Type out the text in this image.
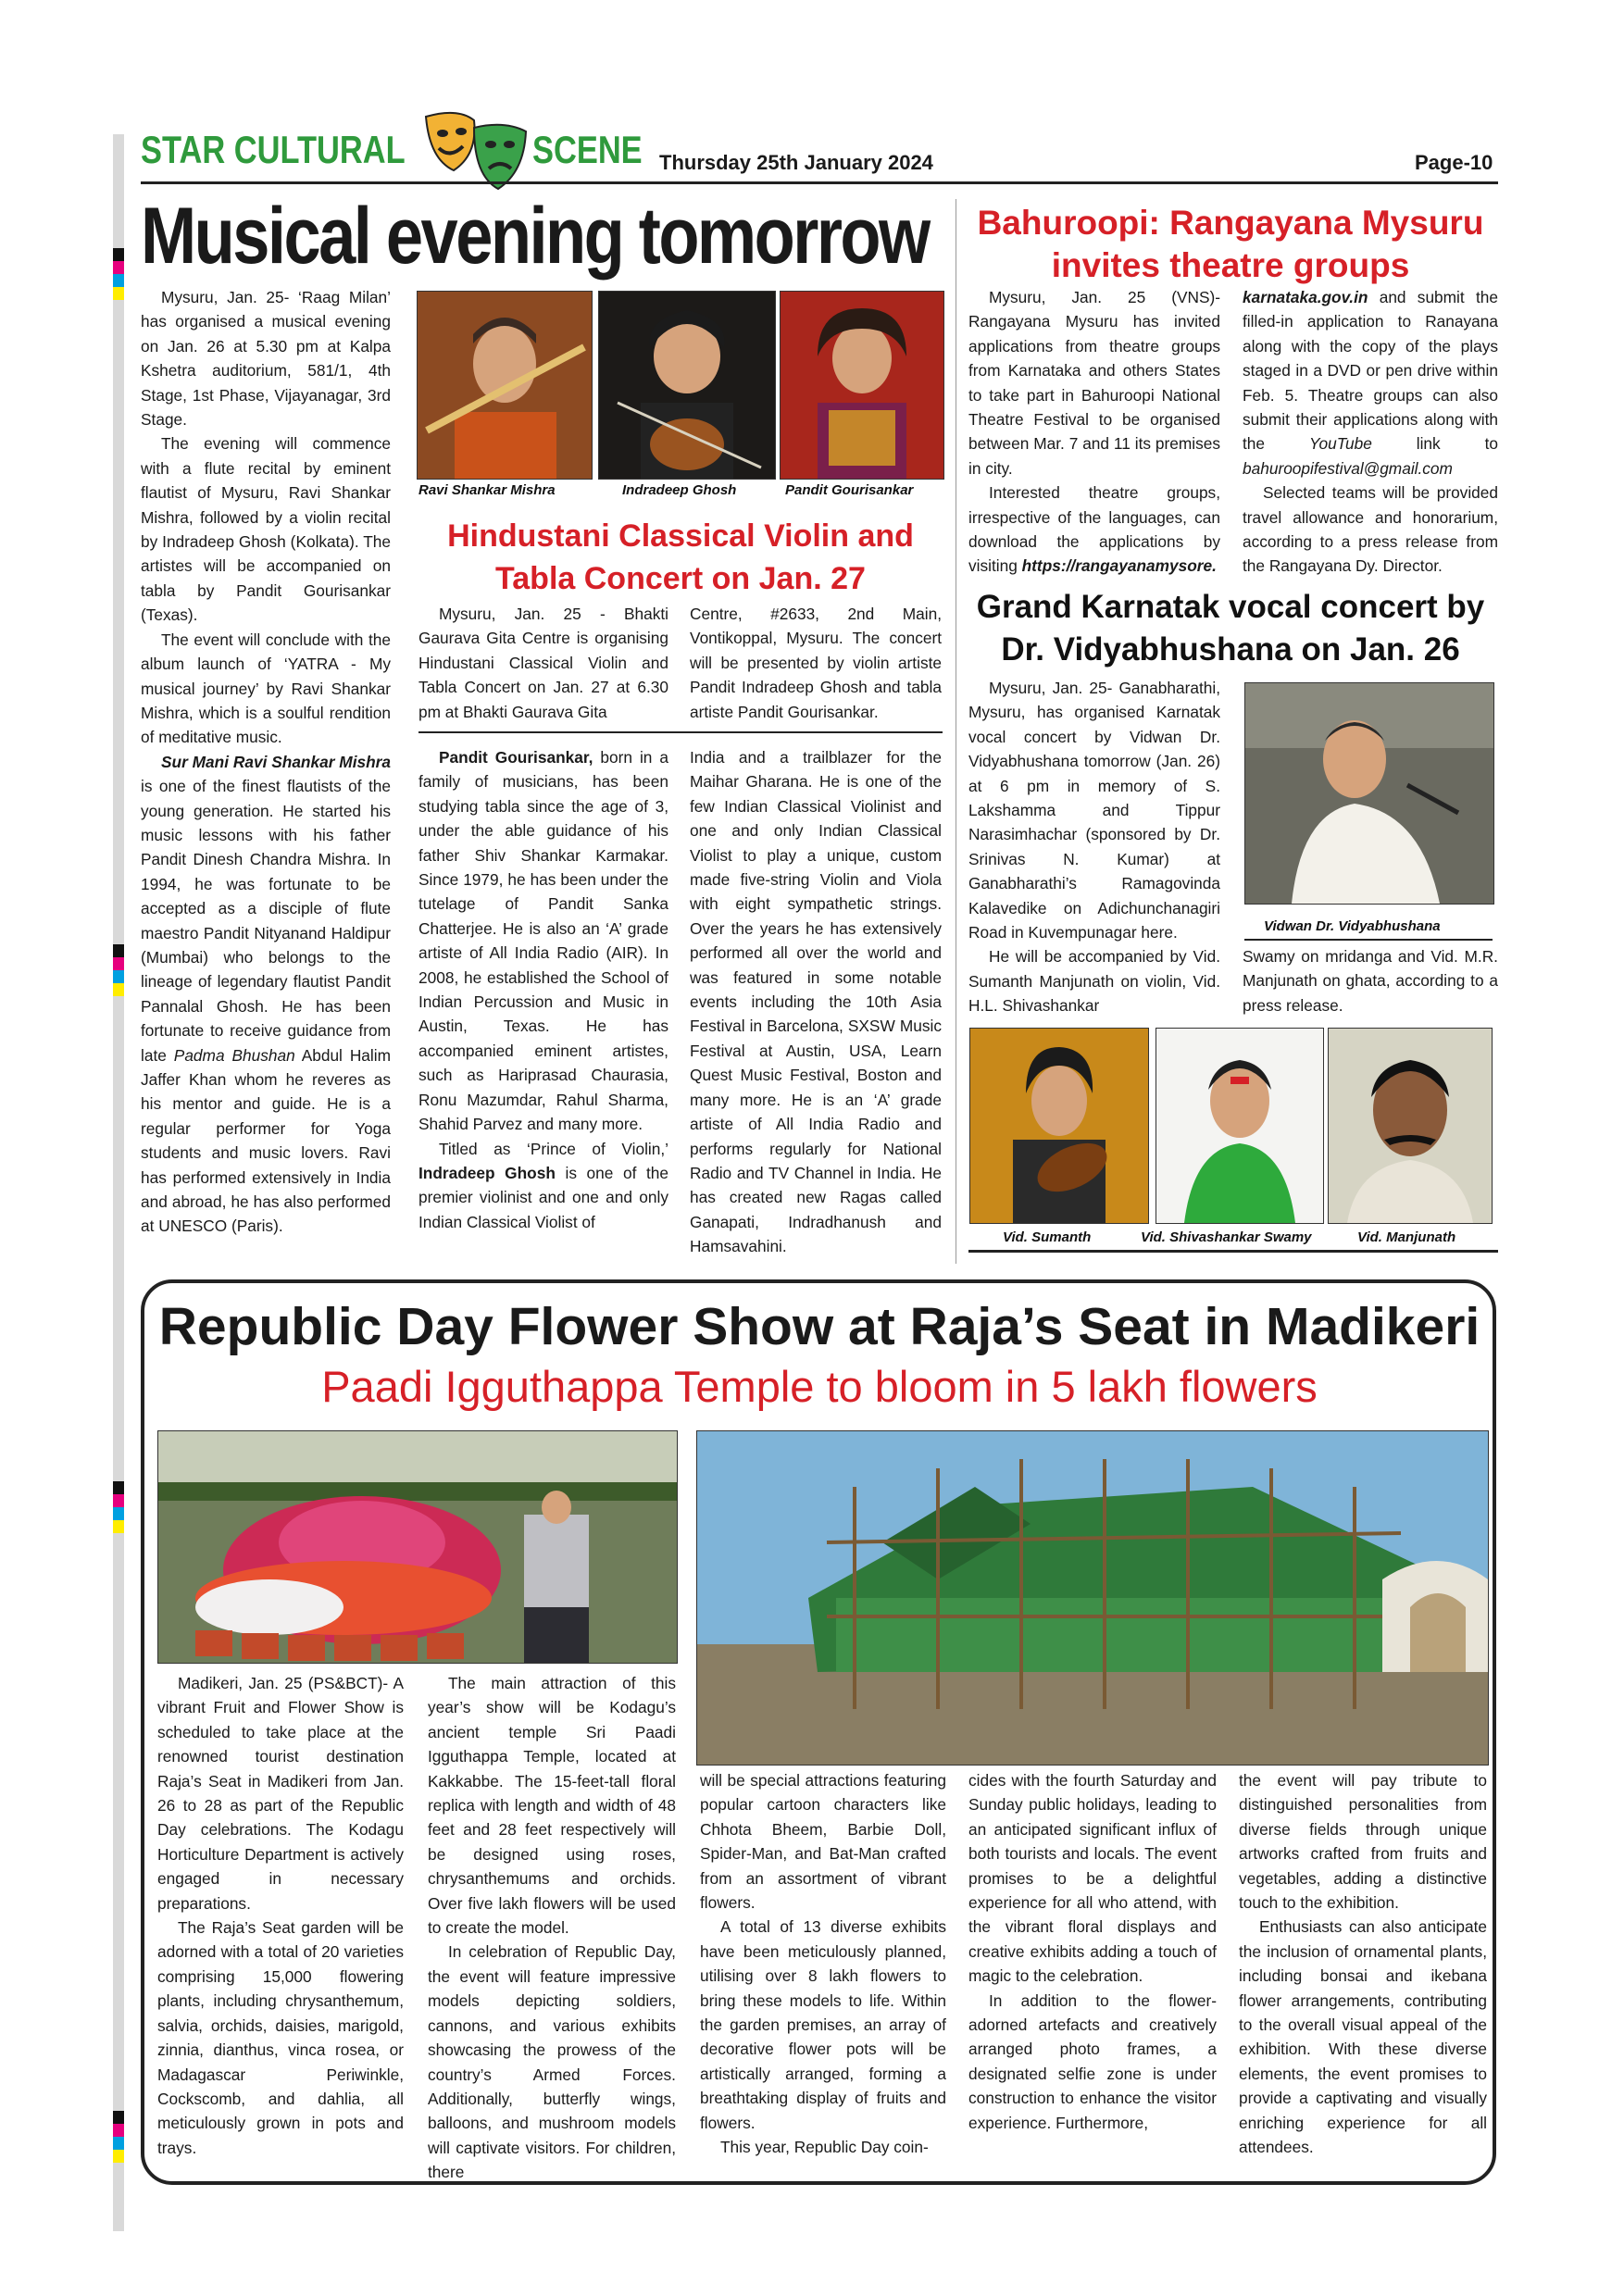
STAR CULTURAL	SCENE Thursday 25th January 2024	Page-10
Musical evening tomorrow

Mysuru, Jan. 25- ‘Raag Milan’ has organised a musical evening on Jan. 26 at 5.30 pm at Kalpa Kshetra auditorium, 581/1, 4th Stage, 1st Phase, Vijayanagar, 3rd Stage.

The evening will commence with a flute recital by eminent flautist of Mysuru, Ravi Shankar Mishra, followed by a violin recital by Indradeep Ghosh (Kolkata). The artistes will be accompanied on tabla by Pandit Gourisankar (Texas).

The event will conclude with the album launch of ‘YATRA - My musical journey’ by Ravi Shankar Mishra, which is a soulful rendition of meditative music.

Sur Mani Ravi Shankar Mishra is one of the finest flautists of the young generation. He started his music lessons with his father Pandit Dinesh Chandra Mishra. In 1994, he was fortunate to be accepted as a disciple of flute maestro Pandit Nityanand Haldipur (Mumbai) who belongs to the lineage of legendary flautist Pandit Pannalal Ghosh. He has been fortunate to receive guidance from late Padma Bhushan Abdul Halim Jaffer Khan whom he reveres as his mentor and guide. He is a regular performer for Yoga students and music lovers. Ravi has performed extensively in India and abroad, he has also performed at UNESCO (Paris).

Ravi Shankar Mishra	Indradeep Ghosh	Pandit Gourisankar
Hindustani Classical Violin and
Tabla Concert on Jan. 27

Mysuru, Jan. 25 - Bhakti Gaurava Gita Centre is organising Hindustani Classical Violin and Tabla Concert on Jan. 27 at 6.30 pm at Bhakti Gaurava Gita

Centre, #2633, 2nd Main, Vontikoppal, Mysuru. The concert will be presented by violin artiste Pandit Indradeep Ghosh and tabla artiste Pandit Gourisankar.

Pandit Gourisankar, born in a family of musicians, has been studying tabla since the age of 3, under the able guidance of his father Shiv Shankar Karmakar. Since 1979, he has been under the tutelage of Pandit Sanka Chatterjee. He is also an ‘A’ grade artiste of All India Radio (AIR). In 2008, he established the School of Indian Percussion and Music in Austin, Texas. He has accompanied eminent artistes, such as Hariprasad Chaurasia, Ronu Mazumdar, Rahul Sharma, Shahid Parvez and many more.

Titled as ‘Prince of Violin,’ Indradeep Ghosh is one of the premier violinist and one and only Indian Classical Violist of

India and a trailblazer for the Maihar Gharana. He is one of the few Indian Classical Violinist and one and only Indian Classical Violist to play a unique, custom made five-string Violin and Viola with eight sympathetic strings. Over the years he has extensively performed all over the world and was featured in some notable events including the 10th Asia Festival in Barcelona, SXSW Music Festival at Austin, USA, Learn Quest Music Festival, Boston and many more. He is an ‘A’ grade artiste of All India Radio and performs regularly for National Radio and TV Channel in India. He has created new Ragas called Ganapati, Indradhanush and Hamsavahini.

Bahuroopi: Rangayana Mysuru
invites theatre groups

Mysuru, Jan. 25 (VNS)- Rangayana Mysuru has invited applications from theatre groups from Karnataka and others States to take part in Bahuroopi National Theatre Festival to be organised between Mar. 7 and 11 its premises in city.

Interested theatre groups, irrespective of the languages, can download the applications by visiting https://rangayanamysore.

karnataka.gov.in and submit the filled-in application to Ranayana along with the copy of the plays staged in a DVD or pen drive within Feb. 5. Theatre groups can also submit their applications along with the YouTube link to bahuroopifestival@gmail.com

Selected teams will be provided travel allowance and honorarium, according to a press release from the Rangayana Dy. Director.

Grand Karnatak vocal concert by
Dr. Vidyabhushana on Jan. 26

Mysuru, Jan. 25- Ganabharathi, Mysuru, has organised Karnatak vocal concert by Vidwan Dr. Vidyabhushana tomorrow (Jan. 26) at 6 pm in memory of S. Lakshamma and Tippur Narasimhachar (sponsored by Dr. Srinivas N. Kumar) at Ganabharathi’s Ramagovinda Kalavedike on Adichunchanagiri Road in Kuvempunagar here.

He will be accompanied by Vid. Sumanth Manjunath on violin, Vid. H.L. Shivashankar

Vidwan Dr. Vidyabhushana

Swamy on mridanga and Vid. M.R. Manjunath on ghata, according to a press release.

Vid. Sumanth	Vid. Shivashankar Swamy	Vid. Manjunath
Republic Day Flower Show at Raja’s Seat in Madikeri
Paadi Igguthappa Temple to bloom in 5 lakh flowers

Madikeri, Jan. 25 (PS&BCT)- A vibrant Fruit and Flower Show is scheduled to take place at the renowned tourist destination Raja’s Seat in Madikeri from Jan. 26 to 28 as part of the Republic Day celebrations. The Kodagu Horticulture Department is actively engaged in necessary preparations.

The Raja’s Seat garden will be adorned with a total of 20 varieties comprising 15,000 flowering plants, including chrysanthemum, salvia, orchids, daisies, marigold, zinnia, dianthus, vinca rosea, or Madagascar Periwinkle, Cockscomb, and dahlia, all meticulously grown in pots and trays.

The main attraction of this year’s show will be Kodagu’s ancient temple Sri Paadi Igguthappa Temple, located at Kakkabbe. The 15-feet-tall floral replica with length and width of 48 feet and 28 feet respectively will be designed using roses, chrysanthemums and orchids. Over five lakh flowers will be used to create the model.

In celebration of Republic Day, the event will feature impressive models depicting soldiers, cannons, and various exhibits showcasing the prowess of the country’s Armed Forces. Additionally, butterfly wings, balloons, and mushroom models will captivate visitors. For children, there

will be special attractions featuring popular cartoon characters like Chhota Bheem, Barbie Doll, Spider-Man, and Bat-Man crafted from an assortment of vibrant flowers.

A total of 13 diverse exhibits have been meticulously planned, utilising over 8 lakh flowers to bring these models to life. Within the garden premises, an array of decorative flower pots will be artistically arranged, forming a breathtaking display of fruits and flowers.

This year, Republic Day coin-

cides with the fourth Saturday and Sunday public holidays, leading to an anticipated significant influx of both tourists and locals. The event promises to be a delightful experience for all who attend, with the vibrant floral displays and creative exhibits adding a touch of magic to the celebration.

In addition to the flower-adorned artefacts and creatively arranged photo frames, a designated selfie zone is under construction to enhance the visitor experience. Furthermore,

the event will pay tribute to distinguished personalities from diverse fields through unique artworks crafted from fruits and vegetables, adding a distinctive touch to the exhibition.

Enthusiasts can also anticipate the inclusion of ornamental plants, including bonsai and ikebana flower arrangements, contributing to the overall visual appeal of the exhibition. With these diverse elements, the event promises to provide a captivating and visually enriching experience for all attendees.
